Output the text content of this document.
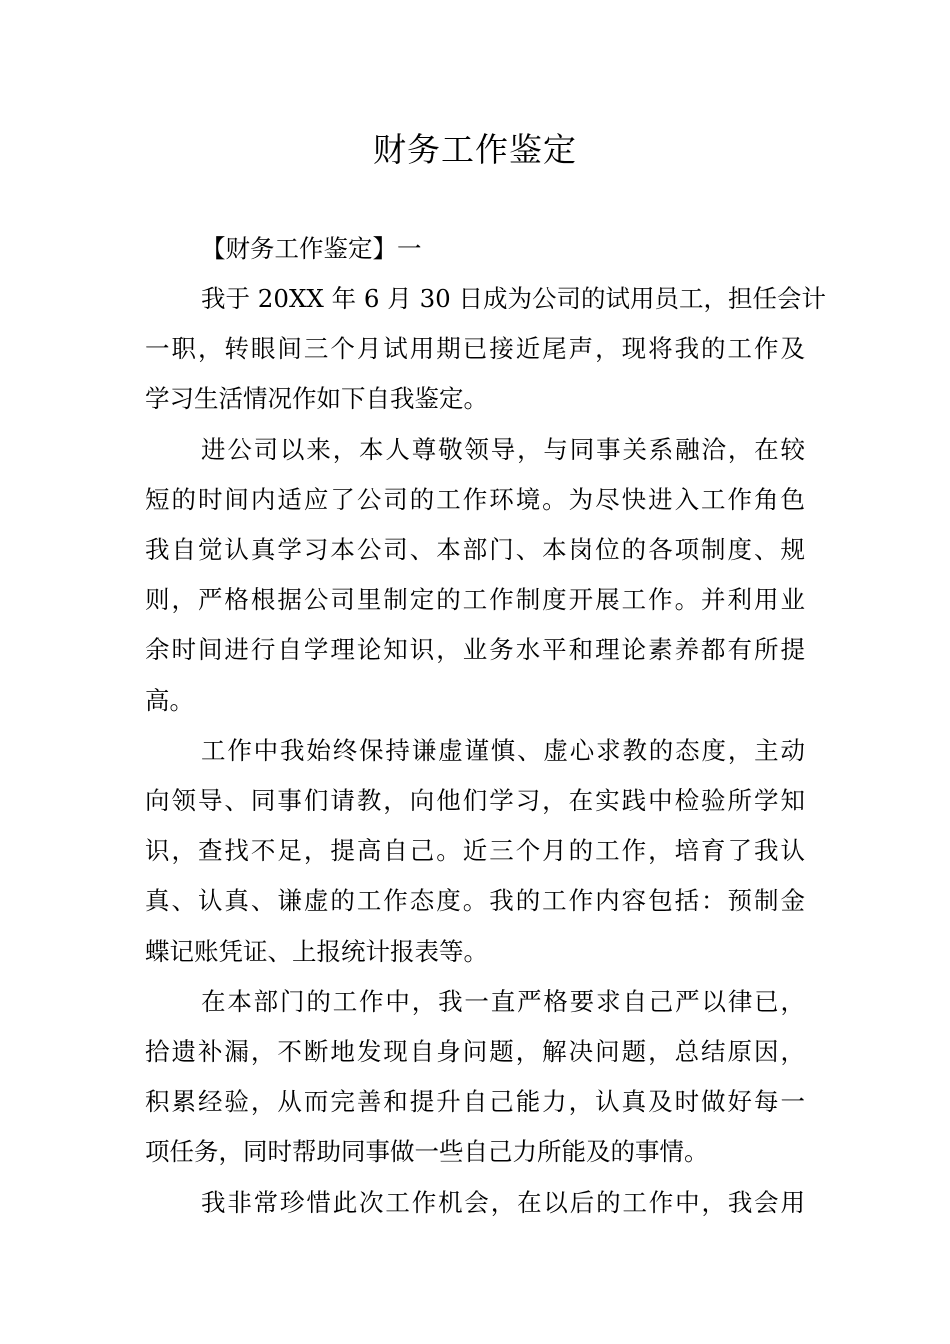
财务工作鉴定

【财务工作鉴定】一

我于 20XX 年 6 月 30 日成为公司的试用员工，担任会计
一职，转眼间三个月试用期已接近尾声，现将我的工作及
学习生活情况作如下自我鉴定。
进公司以来，本人尊敬领导，与同事关系融洽，在较
短的时间内适应了公司的工作环境。为尽快进入工作角色
我自觉认真学习本公司、本部门、本岗位的各项制度、规
则，严格根据公司里制定的工作制度开展工作。并利用业
余时间进行自学理论知识，业务水平和理论素养都有所提
高。
工作中我始终保持谦虚谨慎、虚心求教的态度，主动
向领导、同事们请教，向他们学习，在实践中检验所学知
识，查找不足，提高自己。近三个月的工作，培育了我认
真、认真、谦虚的工作态度。我的工作内容包括：预制金
蝶记账凭证、上报统计报表等。
在本部门的工作中，我一直严格要求自己严以律已，
拾遗补漏，不断地发现自身问题，解决问题，总结原因，
积累经验，从而完善和提升自己能力，认真及时做好每一
项任务，同时帮助同事做一些自己力所能及的事情。
我非常珍惜此次工作机会，在以后的工作中，我会用
